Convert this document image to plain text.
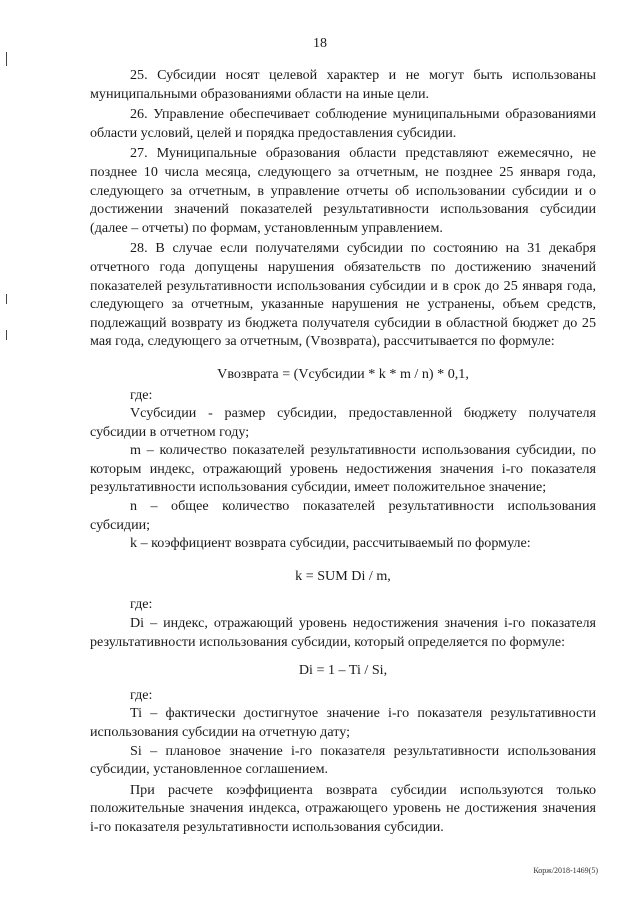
18

25. Субсидии носят целевой характер и не могут быть использованы муниципальными образованиями области на иные цели.

26. Управление обеспечивает соблюдение муниципальными образованиями области условий, целей и порядка предоставления субсидии.

27. Муниципальные образования области представляют ежемесячно, не позднее 10 числа месяца, следующего за отчетным, не позднее 25 января года, следующего за отчетным, в управление отчеты об использовании субсидии и о достижении значений показателей результативности использования субсидии (далее – отчеты) по формам, установленным управлением.

28. В случае если получателями субсидии по состоянию на 31 декабря отчетного года допущены нарушения обязательств по достижению значений показателей результативности использования субсидии и в срок до 25 января года, следующего за отчетным, указанные нарушения не устранены, объем средств, подлежащий возврату из бюджета получателя субсидии в областной бюджет до 25 мая года, следующего за отчетным, (Vвозврата), рассчитывается по формуле:

Vвозврата = (Vсубсидии * k * m / n) * 0,1,

где:

Vсубсидии - размер субсидии, предоставленной бюджету получателя субсидии в отчетном году;

m – количество показателей результативности использования субсидии, по которым индекс, отражающий уровень недостижения значения i-го показателя результативности использования субсидии, имеет положительное значение;

n – общее количество показателей результативности использования субсидии;

k – коэффициент возврата субсидии, рассчитываемый по формуле:

k = SUM Di / m,

где:

Di – индекс, отражающий уровень недостижения значения i-го показателя результативности использования субсидии, который определяется по формуле:

Di = 1 – Ti / Si,

где:

Ti – фактически достигнутое значение i-го показателя результативности использования субсидии на отчетную дату;

Si – плановое значение i-го показателя результативности использования субсидии, установленное соглашением.

При расчете коэффициента возврата субсидии используются только положительные значения индекса, отражающего уровень не достижения значения i-го показателя результативности использования субсидии.

Корж/2018-1469(5)
